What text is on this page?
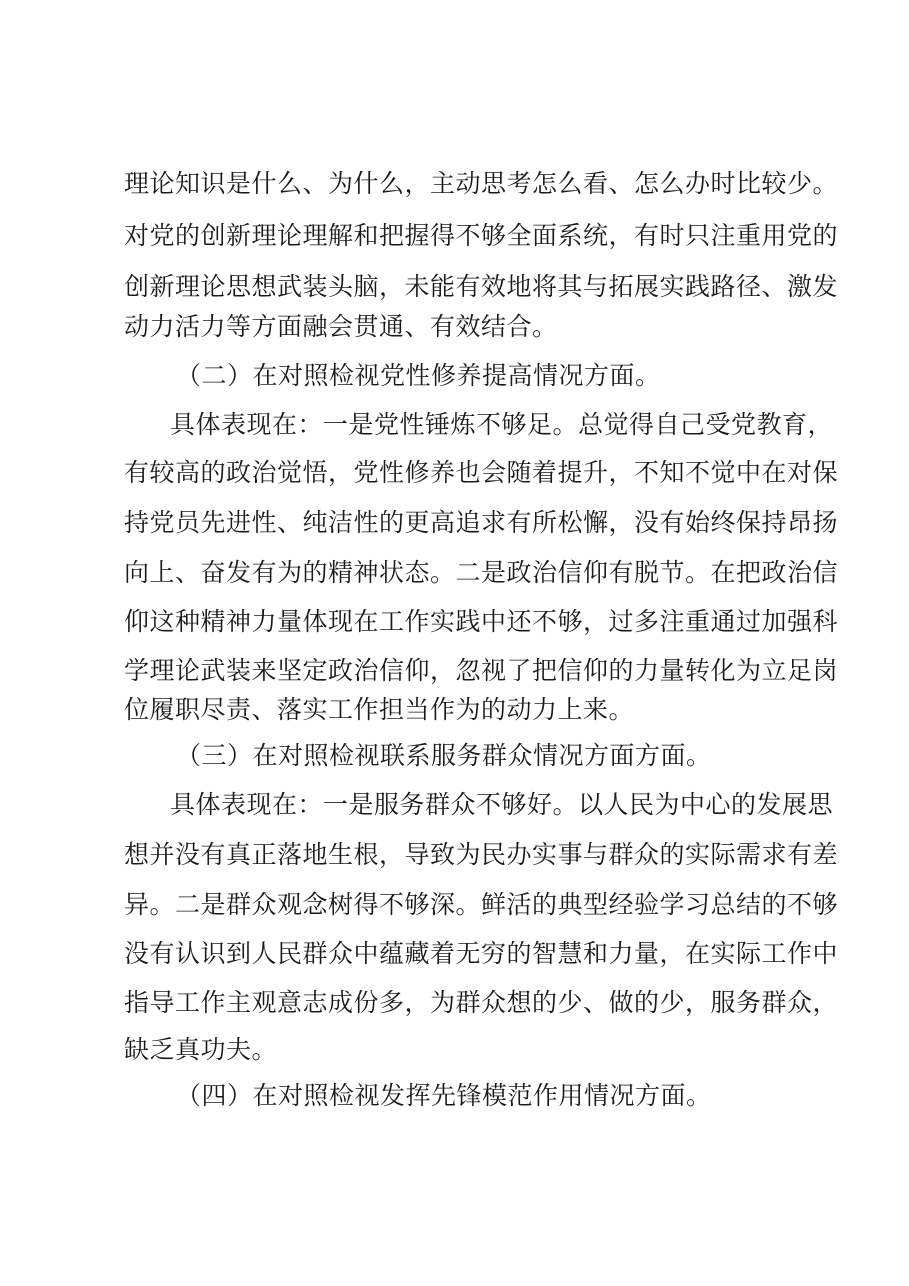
理论知识是什么、为什么，主动思考怎么看、怎么办时比较少。
对党的创新理论理解和把握得不够全面系统，有时只注重用党的
创新理论思想武装头脑，未能有效地将其与拓展实践路径、激发
动力活力等方面融会贯通、有效结合。
（二）在对照检视党性修养提高情况方面。
具体表现在：一是党性锤炼不够足。总觉得自己受党教育，
有较高的政治觉悟，党性修养也会随着提升，不知不觉中在对保
持党员先进性、纯洁性的更高追求有所松懈，没有始终保持昂扬
向上、奋发有为的精神状态。二是政治信仰有脱节。在把政治信
仰这种精神力量体现在工作实践中还不够，过多注重通过加强科
学理论武装来坚定政治信仰，忽视了把信仰的力量转化为立足岗
位履职尽责、落实工作担当作为的动力上来。
（三）在对照检视联系服务群众情况方面方面。
具体表现在：一是服务群众不够好。以人民为中心的发展思
想并没有真正落地生根，导致为民办实事与群众的实际需求有差
异。二是群众观念树得不够深。鲜活的典型经验学习总结的不够
没有认识到人民群众中蕴藏着无穷的智慧和力量，在实际工作中
指导工作主观意志成份多，为群众想的少、做的少，服务群众，
缺乏真功夫。
（四）在对照检视发挥先锋模范作用情况方面。
